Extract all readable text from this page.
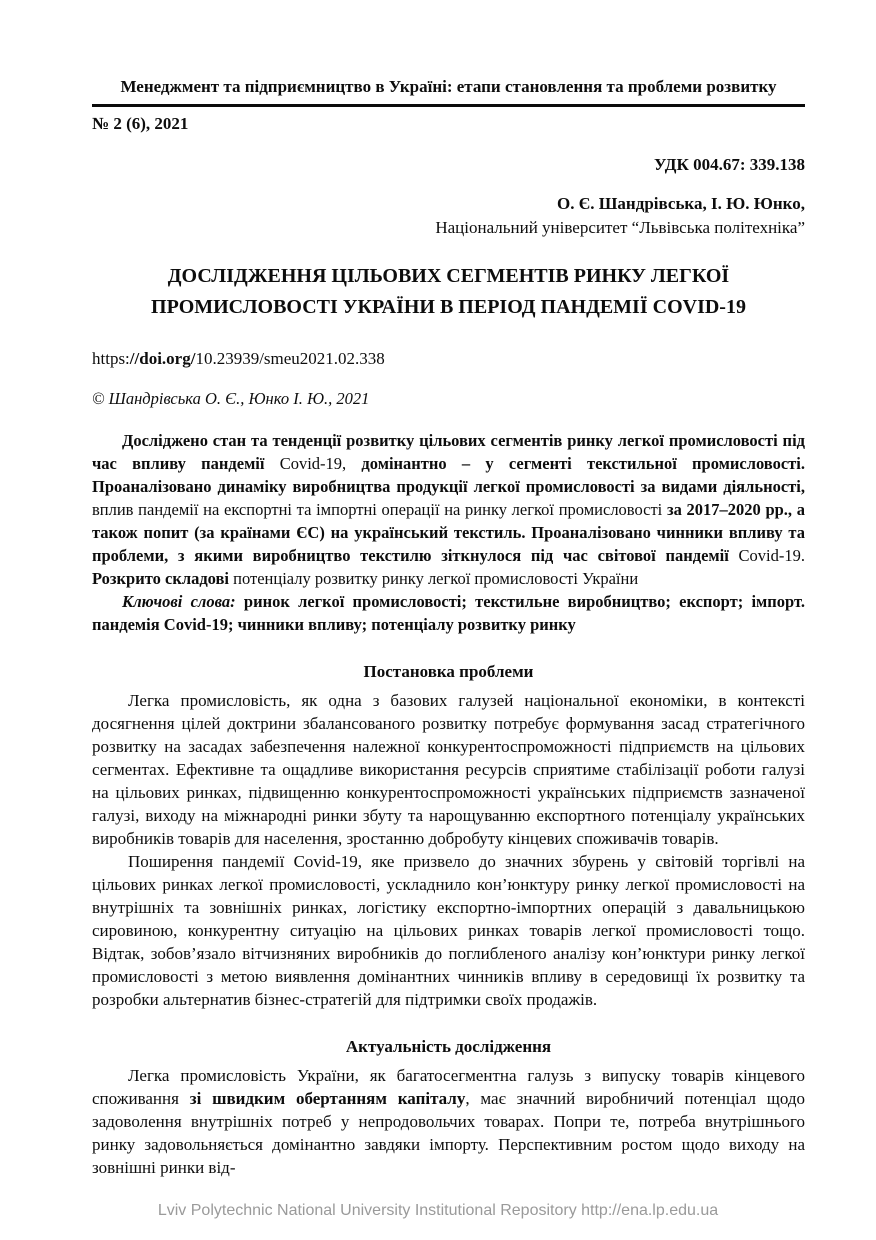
Менеджмент та підприємництво в Україні: етапи становлення та проблеми розвитку
№ 2 (6), 2021
УДК 004.67: 339.138
О. Є. Шандрівська, І. Ю. Юнко,
Національний університет “Львівська політехніка”
ДОСЛІДЖЕННЯ ЦІЛЬОВИХ СЕГМЕНТІВ РИНКУ ЛЕГКОЇ ПРОМИСЛОВОСТІ УКРАЇНИ В ПЕРІОД ПАНДЕМІЇ COVID-19
https://doi.org/10.23939/smeu2021.02.338
© Шандрівська О. Є., Юнко І. Ю., 2021

Досліджено стан та тенденції розвитку цільових сегментів ринку легкої промисловості під час впливу пандемії Covid-19, домінантно – у сегменті текстильної промисловості. Проаналізовано динаміку виробництва продукції легкої промисловості за видами діяльності, вплив пандемії на експортні та імпортні операції на ринку легкої промисловості за 2017–2020 рр., а також попит (за країнами ЄС) на український текстиль. Проаналізовано чинники впливу та проблеми, з якими виробництво текстилю зіткнулося під час світової пандемії Covid-19. Розкрито складові потенціалу розвитку ринку легкої промисловості України

Ключові слова: ринок легкої промисловості; текстильне виробництво; експорт; імпорт. пандемія Covid-19; чинники впливу; потенціалу розвитку ринку

Постановка проблеми

Легка промисловість, як одна з базових галузей національної економіки, в контексті досягнення цілей доктрини збалансованого розвитку потребує формування засад стратегічного розвитку на засадах забезпечення належної конкурентоспроможності підприємств на цільових сегментах. Ефективне та ощадливе використання ресурсів сприятиме стабілізації роботи галузі на цільових ринках, підвищенню конкурентоспроможності українських підприємств зазначеної галузі, виходу на міжнародні ринки збуту та нарощуванню експортного потенціалу українських виробників товарів для населення, зростанню добробуту кінцевих споживачів товарів.

Поширення пандемії Covid-19, яке призвело до значних збурень у світовій торгівлі на цільових ринках легкої промисловості, ускладнило кон’юнктуру ринку легкої промисловості на внутрішніх та зовнішніх ринках, логістику експортно-імпортних операцій з давальницькою сировиною, конкурентну ситуацію на цільових ринках товарів легкої промисловості тощо. Відтак, зобов’язало вітчизняних виробників до поглибленого аналізу кон’юнктури ринку легкої промисловості з метою виявлення домінантних чинників впливу в середовищі їх розвитку та розробки альтернатив бізнес-стратегій для підтримки своїх продажів.

Актуальність дослідження

Легка промисловість України, як багатосегментна галузь з випуску товарів кінцевого споживання зі швидким обертанням капіталу, має значний виробничий потенціал щодо задоволення внутрішніх потреб у непродовольчих товарах. Попри те, потреба внутрішнього ринку задовольняється домінантно завдяки імпорту. Перспективним ростом щодо виходу на зовнішні ринки від-

Lviv Polytechnic National University Institutional Repository http://ena.lp.edu.ua
